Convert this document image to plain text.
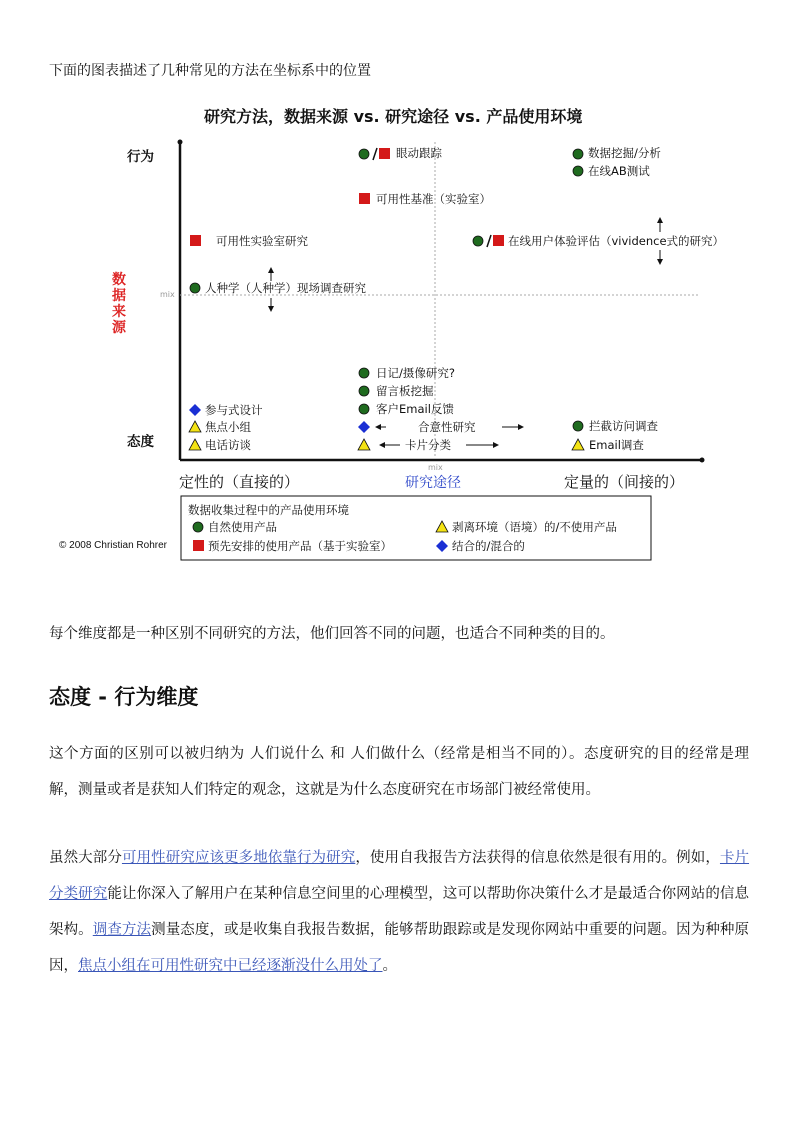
下面的图表描述了几种常见的方法在坐标系中的位置
研究方法，数据来源 vs. 研究途径 vs. 产品使用环境
行为
态度
数据来源
mix
mix
定性的（直接的）	研究途径	定量的（间接的）
眼动跟踪	数据挖掘/分析
在线AB测试
可用性基准（实验室）
可用性实验室研究	在线用户体验评估（vividence式的研究）
人种学（人种学）现场调查研究
日记/摄像研究?
留言板挖掘
客户Email反馈
参与式设计
焦点小组
电话访谈
合意性研究
卡片分类
拦截访问调查
Email调查
数据收集过程中的产品使用环境
自然使用产品
预先安排的使用产品（基于实验室）
剥离环境（语境）的/不使用产品
结合的/混合的
© 2008 Christian Rohrer
每个维度都是一种区别不同研究的方法，他们回答不同的问题，也适合不同种类的目的。
态度 - 行为维度
这个方面的区别可以被归纳为 人们说什么 和 人们做什么（经常是相当不同的）。态度研究的目的经常是理解，测量或者是获知人们特定的观念，这就是为什么态度研究在市场部门被经常使用。
虽然大部分可用性研究应该更多地依靠行为研究，使用自我报告方法获得的信息依然是很有用的。例如，卡片分类研究能让你深入了解用户在某种信息空间里的心理模型，这可以帮助你决策什么才是最适合你网站的信息架构。调查方法测量态度，或是收集自我报告数据，能够帮助跟踪或是发现你网站中重要的问题。因为种种原因，焦点小组在可用性研究中已经逐渐没什么用处了。
